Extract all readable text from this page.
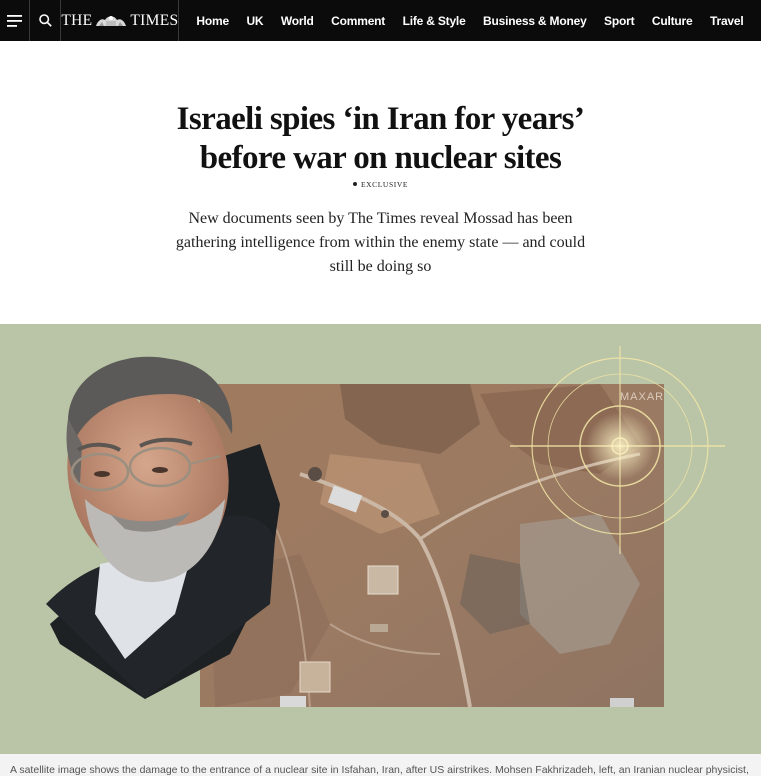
THE TIMES Home UK World Comment Life & Style Business & Money Sport Culture Travel
Israeli spies ‘in Iran for years’
before war on nuclear sites
EXCLUSIVE

New documents seen by The Times reveal Mossad has been
gathering intelligence from within the enemy state — and could
still be doing so

MAXAR
A satellite image shows the damage to the entrance of a nuclear site in Isfahan, Iran, after US airstrikes. Mohsen Fakhrizadeh, left, an Iranian nuclear physicist,
